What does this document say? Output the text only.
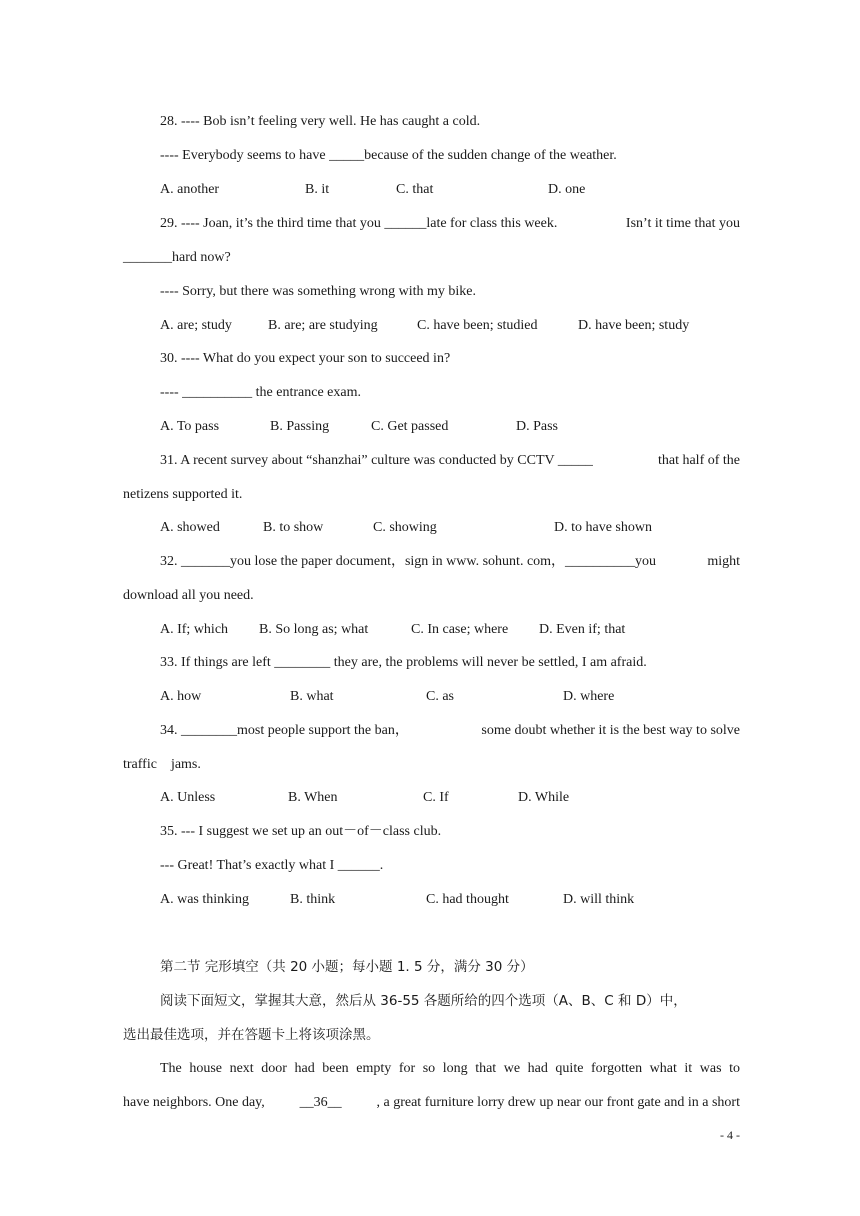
28. ---- Bob isn’t feeling very well. He has caught a cold.
---- Everybody seems to have _____because of the sudden change of the weather.
A. another	B. it	C. that	D. one
29. ---- Joan, it’s the third time that you ______late for class this week.	Isn’t it time that you
_______hard now?
---- Sorry, but there was something wrong with my bike.
A. are; study	B. are; are studying	C. have been; studied	D. have been; study
30. ---- What do you expect your son to succeed in?
---- __________ the entrance exam.
A. To pass	B. Passing	C. Get passed	D. Pass
31. A recent survey about “shanzhai” culture was conducted by CCTV _____	that half of the
netizens supported it.
A. showed	B. to show	C. showing	D. to have shown
32. _______you lose the paper document，sign in www. sohunt. com，__________you	might
download all you need.
A. If; which B. So long as; what	C. In case; where D. Even if; that
33. If things are left ________ they are, the problems will never be settled, I am afraid.
A. how	B. what	C. as	D. where
34. ________most people support the ban，	some doubt whether it is the best way to solve
traffic    jams.
A. Unless	B. When	C. If	D. While
35. --- I suggest we set up an out－of－class club.
--- Great! That’s exactly what I ______.
A. was thinking	B. think	C. had thought	D. will think
第二节 完形填空（共 20 小题；每小题 1. 5 分，满分 30 分）
阅读下面短文，掌握其大意，然后从 36-55 各题所给的四个选项（A、B、C 和 D）中，
选出最佳选项，并在答题卡上将该项涂黑。
The house next door had been empty for so long that we had quite forgotten what it was to
have neighbors. One day, __36__ , a great furniture lorry drew up near our front gate and in a short
- 4 -
